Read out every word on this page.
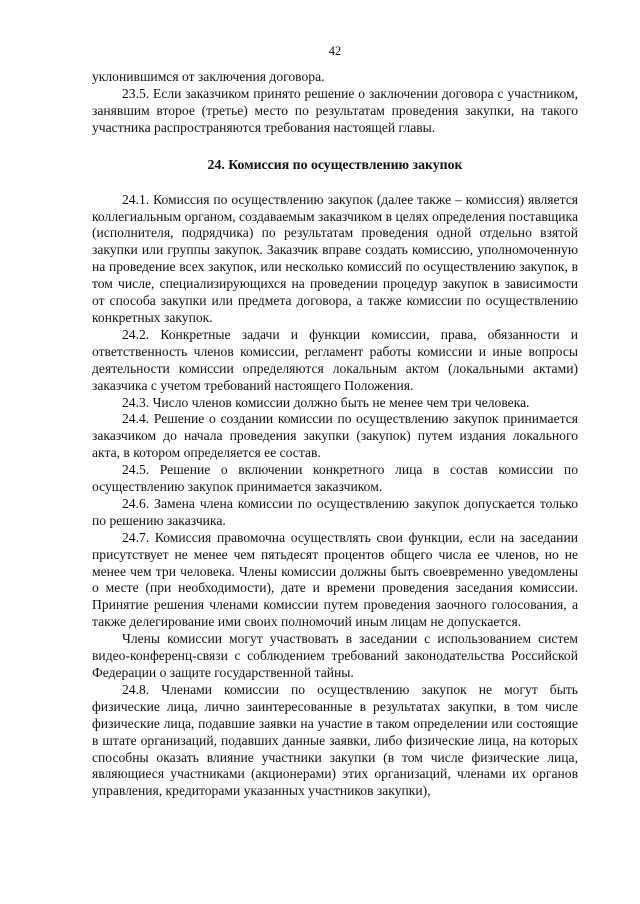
42

уклонившимся от заключения договора.

23.5. Если заказчиком принято решение о заключении договора с участником, занявшим второе (третье) место по результатам проведения закупки, на такого участника распространяются требования настоящей главы.

24. Комиссия по осуществлению закупок

24.1. Комиссия по осуществлению закупок (далее также – комиссия) является коллегиальным органом, создаваемым заказчиком в целях определения поставщика (исполнителя, подрядчика) по результатам проведения одной отдельно взятой закупки или группы закупок. Заказчик вправе создать комиссию, уполномоченную на проведение всех закупок, или несколько комиссий по осуществлению закупок, в том числе, специализирующихся на проведении процедур закупок в зависимости от способа закупки или предмета договора, а также комиссии по осуществлению конкретных закупок.

24.2. Конкретные задачи и функции комиссии, права, обязанности и ответственность членов комиссии, регламент работы комиссии и иные вопросы деятельности комиссии определяются локальным актом (локальными актами) заказчика с учетом требований настоящего Положения.

24.3. Число членов комиссии должно быть не менее чем три человека.

24.4. Решение о создании комиссии по осуществлению закупок принимается заказчиком до начала проведения закупки (закупок) путем издания локального акта, в котором определяется ее состав.

24.5. Решение о включении конкретного лица в состав комиссии по осуществлению закупок принимается заказчиком.

24.6. Замена члена комиссии по осуществлению закупок допускается только по решению заказчика.

24.7. Комиссия правомочна осуществлять свои функции, если на заседании присутствует не менее чем пятьдесят процентов общего числа ее членов, но не менее чем три человека. Члены комиссии должны быть своевременно уведомлены о месте (при необходимости), дате и времени проведения заседания комиссии. Принятие решения членами комиссии путем проведения заочного голосования, а также делегирование ими своих полномочий иным лицам не допускается.

Члены комиссии могут участвовать в заседании с использованием систем видео-конференц-связи с соблюдением требований законодательства Российской Федерации о защите государственной тайны.

24.8. Членами комиссии по осуществлению закупок не могут быть физические лица, лично заинтересованные в результатах закупки, в том числе физические лица, подавшие заявки на участие в таком определении или состоящие в штате организаций, подавших данные заявки, либо физические лица, на которых способны оказать влияние участники закупки (в том числе физические лица, являющиеся участниками (акционерами) этих организаций, членами их органов управления, кредиторами указанных участников закупки),
